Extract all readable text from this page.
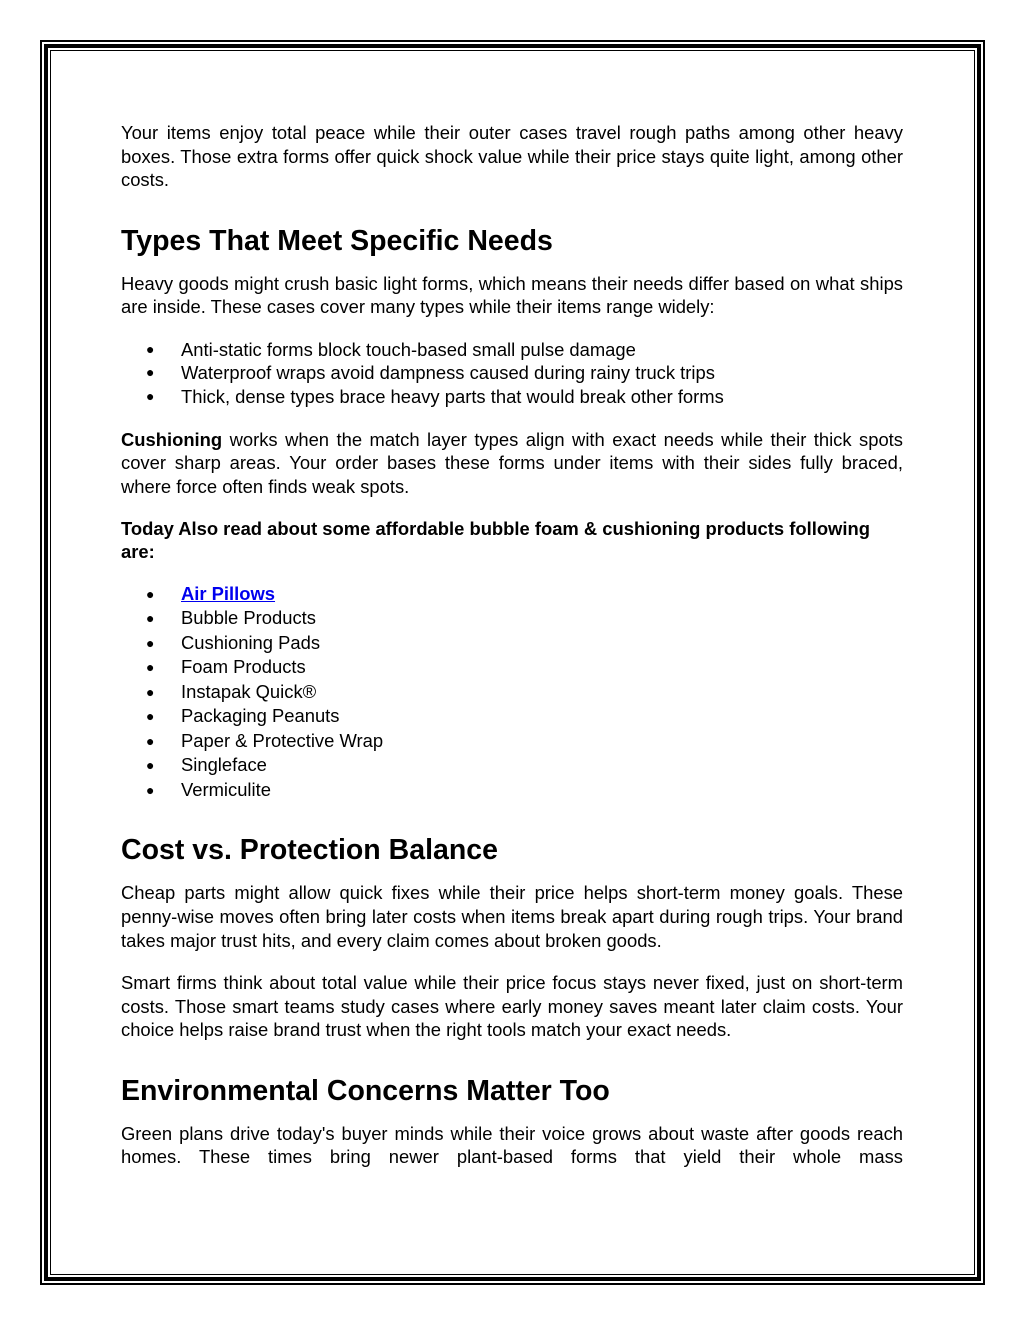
Your items enjoy total peace while their outer cases travel rough paths among other heavy boxes. Those extra forms offer quick shock value while their price stays quite light, among other costs.

Types That Meet Specific Needs

Heavy goods might crush basic light forms, which means their needs differ based on what ships are inside. These cases cover many types while their items range widely:

● Anti-static forms block touch-based small pulse damage
● Waterproof wraps avoid dampness caused during rainy truck trips
● Thick, dense types brace heavy parts that would break other forms

Cushioning works when the match layer types align with exact needs while their thick spots cover sharp areas. Your order bases these forms under items with their sides fully braced, where force often finds weak spots.

Today Also read about some affordable bubble foam & cushioning products following are:

● Air Pillows
● Bubble Products
● Cushioning Pads
● Foam Products
● Instapak Quick®
● Packaging Peanuts
● Paper & Protective Wrap
● Singleface
● Vermiculite
Cost vs. Protection Balance

Cheap parts might allow quick fixes while their price helps short-term money goals. These penny-wise moves often bring later costs when items break apart during rough trips. Your brand takes major trust hits, and every claim comes about broken goods.

Smart firms think about total value while their price focus stays never fixed, just on short-term costs. Those smart teams study cases where early money saves meant later claim costs. Your choice helps raise brand trust when the right tools match your exact needs.

Environmental Concerns Matter Too

Green plans drive today's buyer minds while their voice grows about waste after goods reach homes. These times bring newer plant-based forms that yield their whole mass
